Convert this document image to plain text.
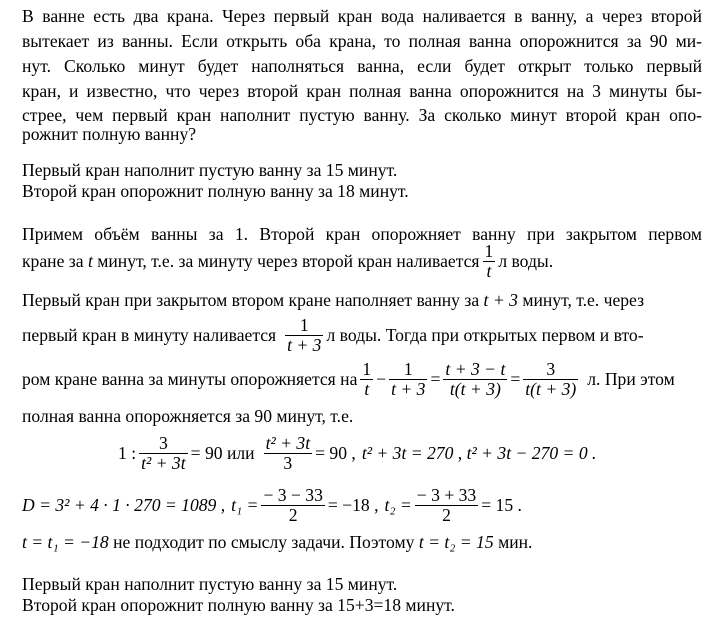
В ванне есть два крана. Через первый кран вода наливается в ванну, а через второй
вытекает из ванны. Если открыть оба крана, то полная ванна опорожнится за 90 ми-
нут. Сколько минут будет наполняться ванна, если будет открыт только первый
кран, и известно, что через второй кран полная ванна опорожнится на 3 минуты бы-
стрее, чем первый кран наполнит пустую ванну. За сколько минут второй кран опо-
рожнит полную ванну?
Первый кран наполнит пустую ванну за 15 минут.
Второй кран опорожнит полную ванну за 18 минут.
Примем объём ванны за 1. Второй кран опорожняет ванну при закрытом первом
кране за
t
минут, т.е. за минуту через второй кран наливается $\frac{1}{t}$ л воды.
Первый кран при закрытом втором кране наполняет ванну за
t + 3
минут, т.е. через
первый кран в минуту наливается $\frac{1}{t + 3}$ л воды. Тогда при открытых первом и вто-
ром кране ванна за минуты опорожняется на $\frac{1}{t} - \frac{1}{t + 3} = \frac{t + 3 - t}{t(t + 3)} = \frac{3}{t(t + 3)} л$. При этом
полная ванна опорожняется за 90 минут, т.е.
1 : $\frac{3}{\text{t² + 3t}} = 90$ или $\frac{\text{t² + 3t}}{3} = 90$ , t² + 3t = 270 , t² + 3t − 270 = 0 .
D = 3² + 4 · 1 · 270 = 1089 , $t_1 = \frac{- 3 - 33}{2} = -18$ , $t_2 = \frac{- 3 + 33}{2} = 15$ .
t = t₁ = −18
не подходит по смыслу задачи. Поэтому
t = t₂ = 15
мин.
Первый кран наполнит пустую ванну за 15 минут.
Второй кран опорожнит полную ванну за 15+3=18 минут.
